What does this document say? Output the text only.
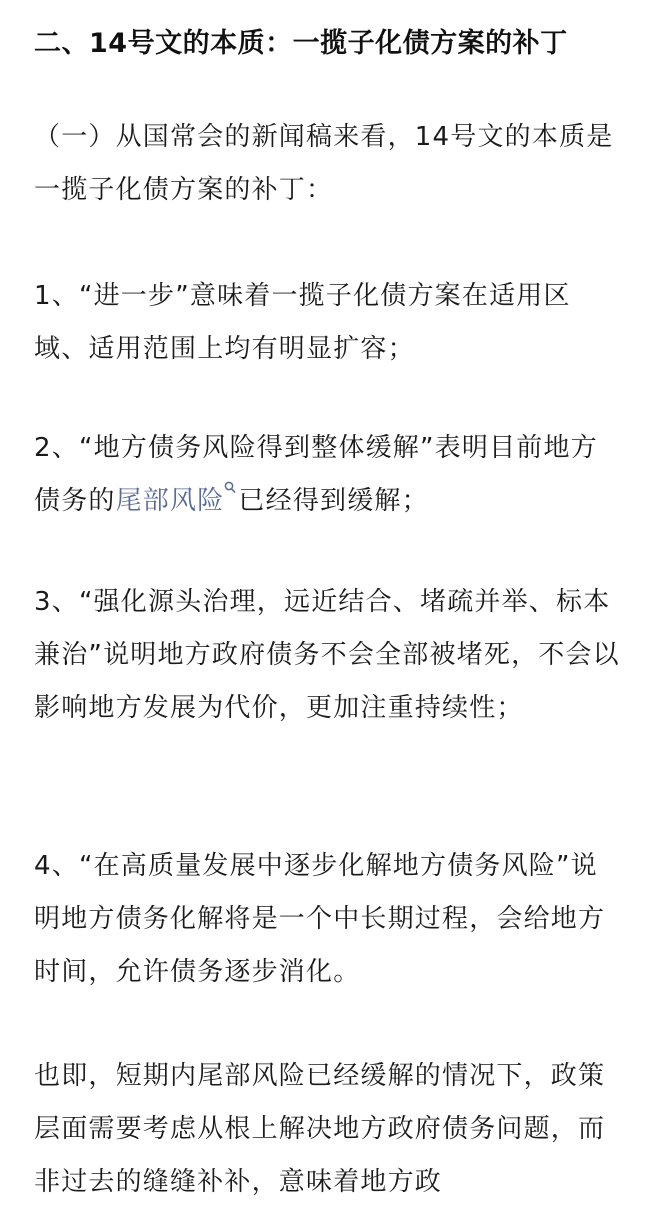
二、14号文的本质：一揽子化债方案的补丁

（一）从国常会的新闻稿来看，14号文的本质是一揽子化债方案的补丁：

1、“进一步”意味着一揽子化债方案在适用区域、适用范围上均有明显扩容；

2、“地方债务风险得到整体缓解”表明目前地方债务的尾部风险 已经得到缓解；

3、“强化源头治理，远近结合、堵疏并举、标本兼治”说明地方政府债务不会全部被堵死，不会以影响地方发展为代价，更加注重持续性；

4、“在高质量发展中逐步化解地方债务风险”说明地方债务化解将是一个中长期过程，会给地方时间，允许债务逐步消化。

也即，短期内尾部风险已经缓解的情况下，政策层面需要考虑从根上解决地方政府债务问题，而非过去的缝缝补补，意味着地方政
